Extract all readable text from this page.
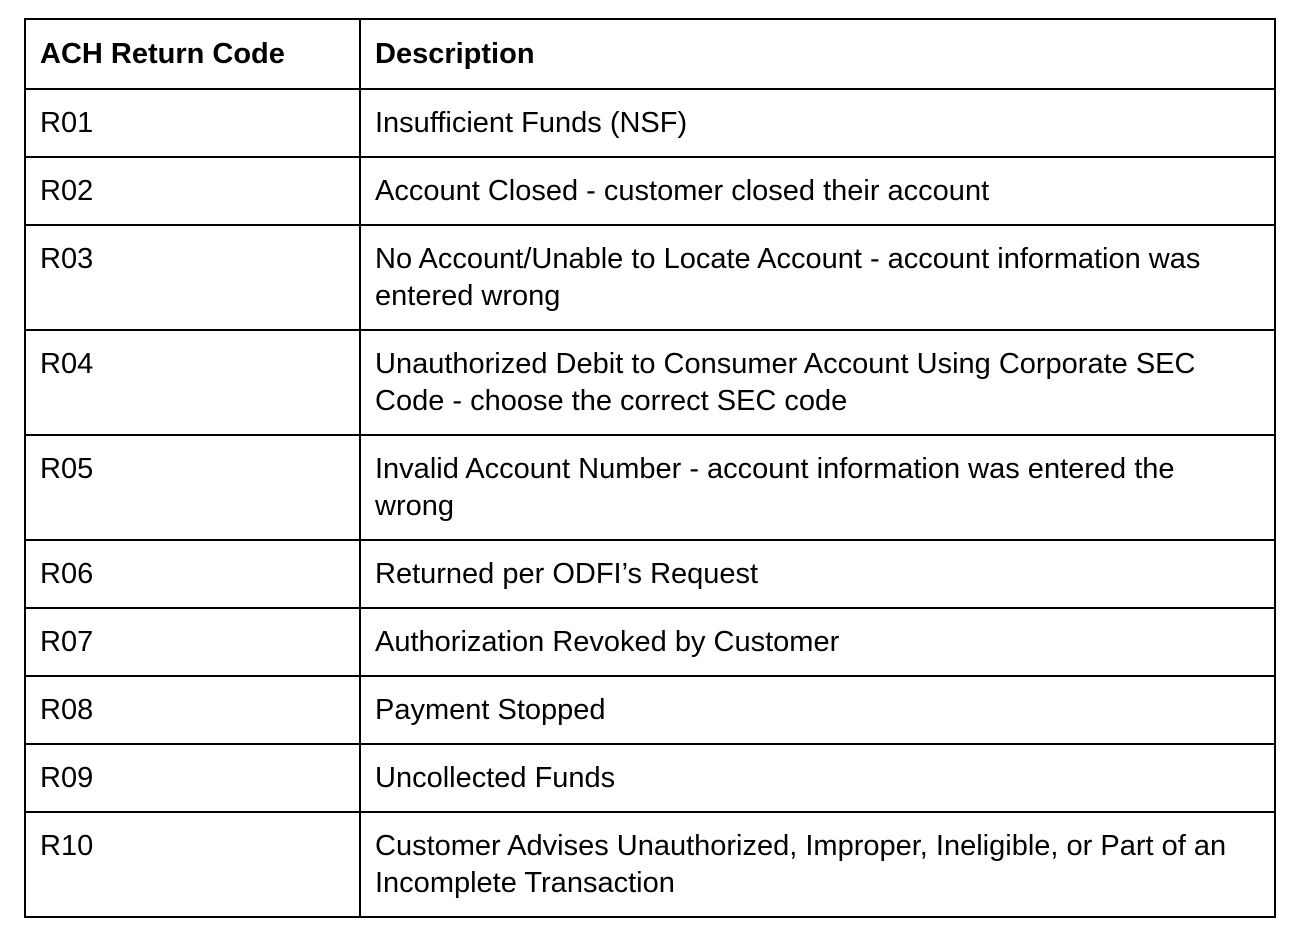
ACH Return Code	Description
R01	Insufficient Funds (NSF)
R02	Account Closed - customer closed their account
R03	No Account/Unable to Locate Account - account information was entered wrong
R04	Unauthorized Debit to Consumer Account Using Corporate SEC Code - choose the correct SEC code
R05	Invalid Account Number - account information was entered the wrong
R06	Returned per ODFI’s Request
R07	Authorization Revoked by Customer
R08	Payment Stopped
R09	Uncollected Funds
R10	Customer Advises Unauthorized, Improper, Ineligible, or Part of an Incomplete Transaction
